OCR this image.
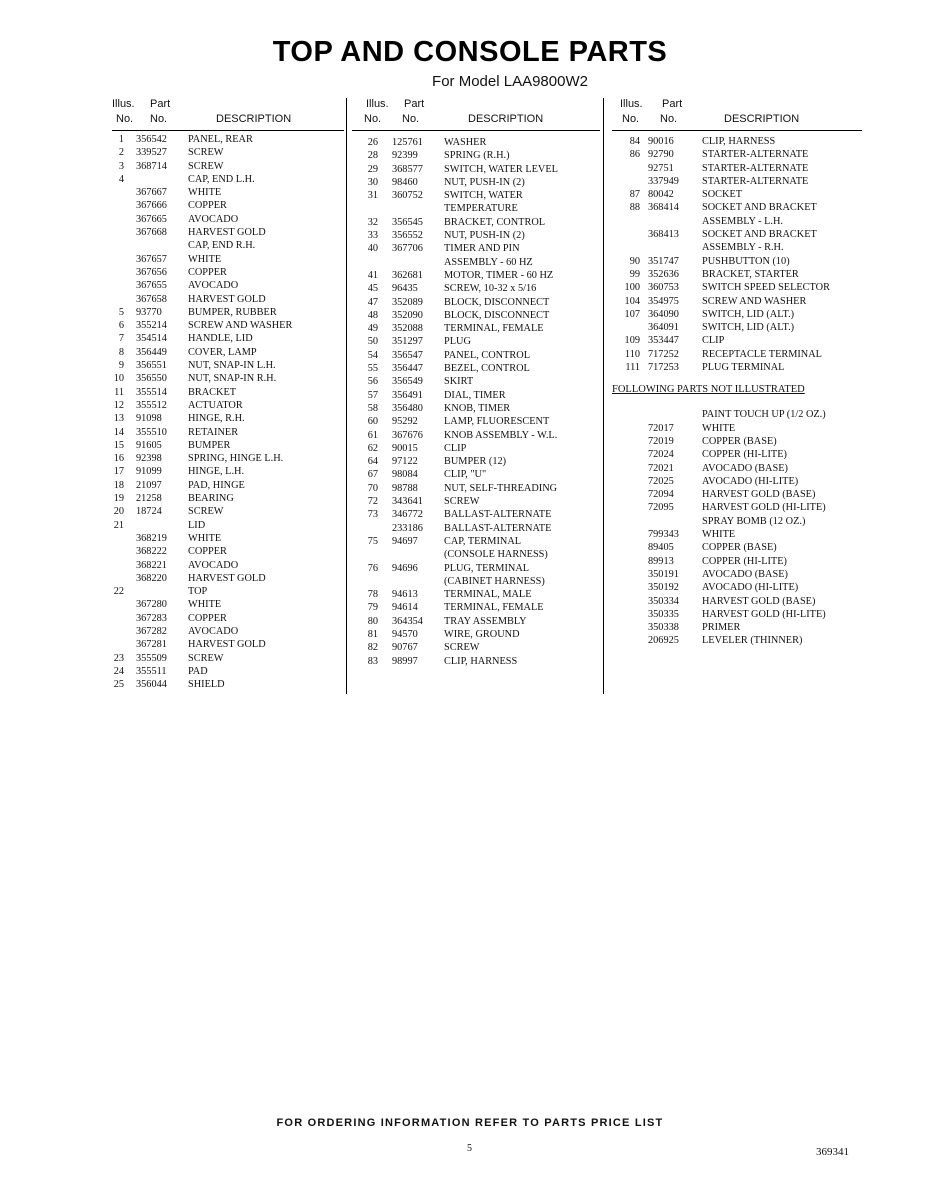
TOP AND CONSOLE PARTS
For Model LAA9800W2
Illus. Part
No. No.	DESCRIPTION
1 356542 PANEL, REAR
2 339527 SCREW
3 368714 SCREW
4	CAP, END L.H.
367667 WHITE
367666 COPPER
367665 AVOCADO
367668 HARVEST GOLD
CAP, END R.H.
367657 WHITE
367656 COPPER
367655 AVOCADO
367658 HARVEST GOLD
5 93770	BUMPER, RUBBER
6 355214 SCREW AND WASHER
7 354514 HANDLE, LID
8 356449 COVER, LAMP
9 356551 NUT, SNAP-IN L.H.
10 356550 NUT, SNAP-IN R.H.
11 355514 BRACKET
12 355512 ACTUATOR
13 91098	HINGE, R.H.
14 355510 RETAINER
15 91605	BUMPER
16 92398	SPRING, HINGE L.H.
17 91099	HINGE, L.H.
18 21097	PAD, HINGE
19 21258	BEARING
20 18724	SCREW
21	LID
368219 WHITE
368222 COPPER
368221 AVOCADO
368220 HARVEST GOLD
22	TOP
367280 WHITE
367283 COPPER
367282 AVOCADO
367281 HARVEST GOLD
23 355509 SCREW
24 355511 PAD
25 356044 SHIELD
Illus. Part
No. No.	DESCRIPTION
26 125761 WASHER
28 92399	SPRING (R.H.)
29 368577 SWITCH, WATER LEVEL
30 98460	NUT, PUSH-IN (2)
31 360752 SWITCH, WATER
TEMPERATURE
32 356545 BRACKET, CONTROL
33 356552 NUT, PUSH-IN (2)
40 367706 TIMER AND PIN
ASSEMBLY - 60 HZ
41 362681 MOTOR, TIMER - 60 HZ
45 96435	SCREW, 10-32 x 5/16
47 352089 BLOCK, DISCONNECT
48 352090 BLOCK, DISCONNECT
49 352088 TERMINAL, FEMALE
50 351297 PLUG
54 356547 PANEL, CONTROL
55 356447 BEZEL, CONTROL
56 356549 SKIRT
57 356491 DIAL, TIMER
58 356480 KNOB, TIMER
60 95292	LAMP, FLUORESCENT
61 367676 KNOB ASSEMBLY - W.L.
62 90015	CLIP
64 97122	BUMPER (12)
67 98084	CLIP, "U"
70 98788	NUT, SELF-THREADING
72 343641 SCREW
73 346772 BALLAST-ALTERNATE
233186 BALLAST-ALTERNATE
75 94697	CAP, TERMINAL
(CONSOLE HARNESS)
76 94696	PLUG, TERMINAL
(CABINET HARNESS)
78 94613	TERMINAL, MALE
79 94614	TERMINAL, FEMALE
80 364354 TRAY ASSEMBLY
81 94570	WIRE, GROUND
82 90767	SCREW
83 98997	CLIP, HARNESS
Illus. Part
No. No.	DESCRIPTION
84 90016	CLIP, HARNESS
86 92790	STARTER-ALTERNATE
92751	STARTER-ALTERNATE
337949 STARTER-ALTERNATE
87 80042	SOCKET
88 368414 SOCKET AND BRACKET
ASSEMBLY - L.H.
368413 SOCKET AND BRACKET
ASSEMBLY - R.H.
90 351747 PUSHBUTTON (10)
99 352636 BRACKET, STARTER
100 360753 SWITCH SPEED SELECTOR
104 354975 SCREW AND WASHER
107 364090 SWITCH, LID (ALT.)
364091 SWITCH, LID (ALT.)
109 353447 CLIP
110 717252 RECEPTACLE TERMINAL
111 717253 PLUG TERMINAL
FOLLOWING PARTS NOT ILLUSTRATED
PAINT TOUCH UP (1/2 OZ.)
72017	WHITE
72019	COPPER (BASE)
72024	COPPER (HI-LITE)
72021	AVOCADO (BASE)
72025	AVOCADO (HI-LITE)
72094	HARVEST GOLD (BASE)
72095	HARVEST GOLD (HI-LITE)
SPRAY BOMB (12 OZ.)
799343 WHITE
89405	COPPER (BASE)
89913	COPPER (HI-LITE)
350191 AVOCADO (BASE)
350192 AVOCADO (HI-LITE)
350334 HARVEST GOLD (BASE)
350335 HARVEST GOLD (HI-LITE)
350338 PRIMER
206925 LEVELER (THINNER)
FOR ORDERING INFORMATION REFER TO PARTS PRICE LIST
5	369341
